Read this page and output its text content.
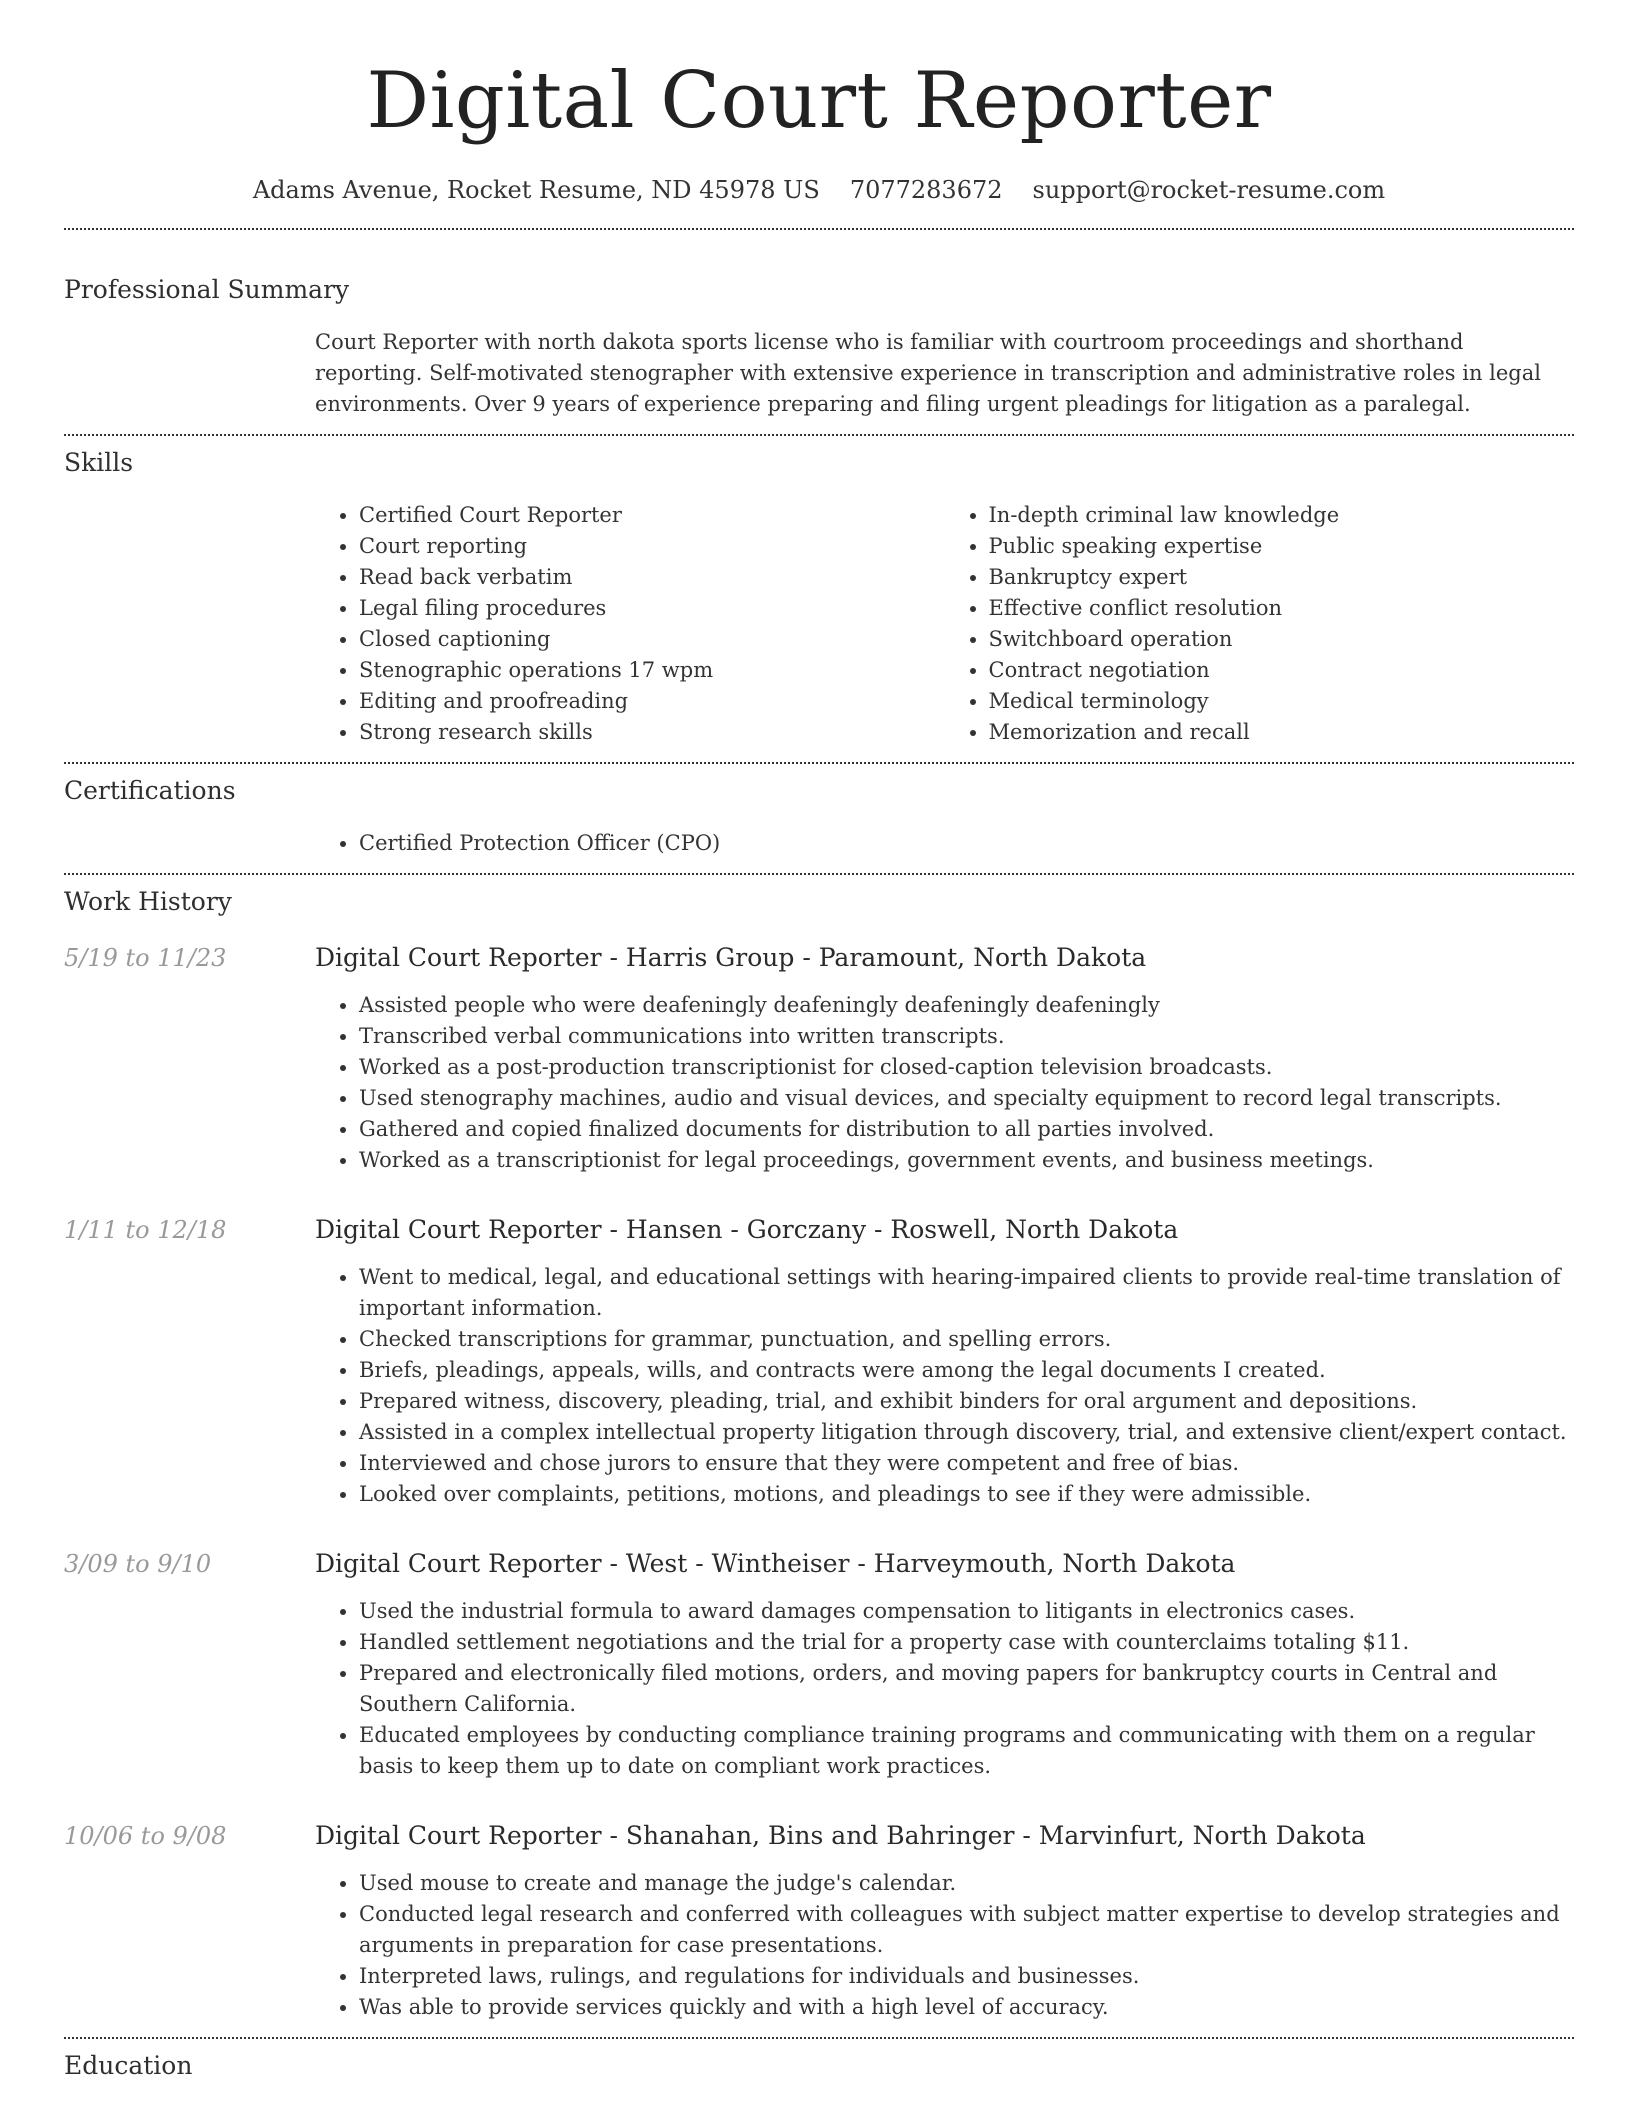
Digital Court Reporter
Adams Avenue, Rocket Resume, ND 45978 US 7077283672 support@rocket-resume.com
Professional Summary
Court Reporter with north dakota sports license who is familiar with courtroom proceedings and shorthand reporting. Self-motivated stenographer with extensive experience in transcription and administrative roles in legal environments. Over 9 years of experience preparing and filing urgent pleadings for litigation as a paralegal.
Skills
• Certified Court Reporter
• Court reporting
• Read back verbatim
• Legal filing procedures
• Closed captioning
• Stenographic operations 17 wpm
• Editing and proofreading
• Strong research skills
• In-depth criminal law knowledge
• Public speaking expertise
• Bankruptcy expert
• Effective conflict resolution
• Switchboard operation
• Contract negotiation
• Medical terminology
• Memorization and recall
Certifications
• Certified Protection Officer (CPO)
Work History
5/19 to 11/23	Digital Court Reporter - Harris Group - Paramount, North Dakota
• Assisted people who were deafeningly deafeningly deafeningly deafeningly
• Transcribed verbal communications into written transcripts.
• Worked as a post-production transcriptionist for closed-caption television broadcasts.
• Used stenography machines, audio and visual devices, and specialty equipment to record legal transcripts.
• Gathered and copied finalized documents for distribution to all parties involved.
• Worked as a transcriptionist for legal proceedings, government events, and business meetings.
1/11 to 12/18	Digital Court Reporter - Hansen - Gorczany - Roswell, North Dakota
• Went to medical, legal, and educational settings with hearing-impaired clients to provide real-time translation of important information.
• Checked transcriptions for grammar, punctuation, and spelling errors.
• Briefs, pleadings, appeals, wills, and contracts were among the legal documents I created.
• Prepared witness, discovery, pleading, trial, and exhibit binders for oral argument and depositions.
• Assisted in a complex intellectual property litigation through discovery, trial, and extensive client/expert contact.
• Interviewed and chose jurors to ensure that they were competent and free of bias.
• Looked over complaints, petitions, motions, and pleadings to see if they were admissible.
3/09 to 9/10	Digital Court Reporter - West - Wintheiser - Harveymouth, North Dakota
• Used the industrial formula to award damages compensation to litigants in electronics cases.
• Handled settlement negotiations and the trial for a property case with counterclaims totaling $11.
• Prepared and electronically filed motions, orders, and moving papers for bankruptcy courts in Central and Southern California.
• Educated employees by conducting compliance training programs and communicating with them on a regular basis to keep them up to date on compliant work practices.
10/06 to 9/08	Digital Court Reporter - Shanahan, Bins and Bahringer - Marvinfurt, North Dakota
• Used mouse to create and manage the judge's calendar.
• Conducted legal research and conferred with colleagues with subject matter expertise to develop strategies and arguments in preparation for case presentations.
• Interpreted laws, rulings, and regulations for individuals and businesses.
• Was able to provide services quickly and with a high level of accuracy.
Education
